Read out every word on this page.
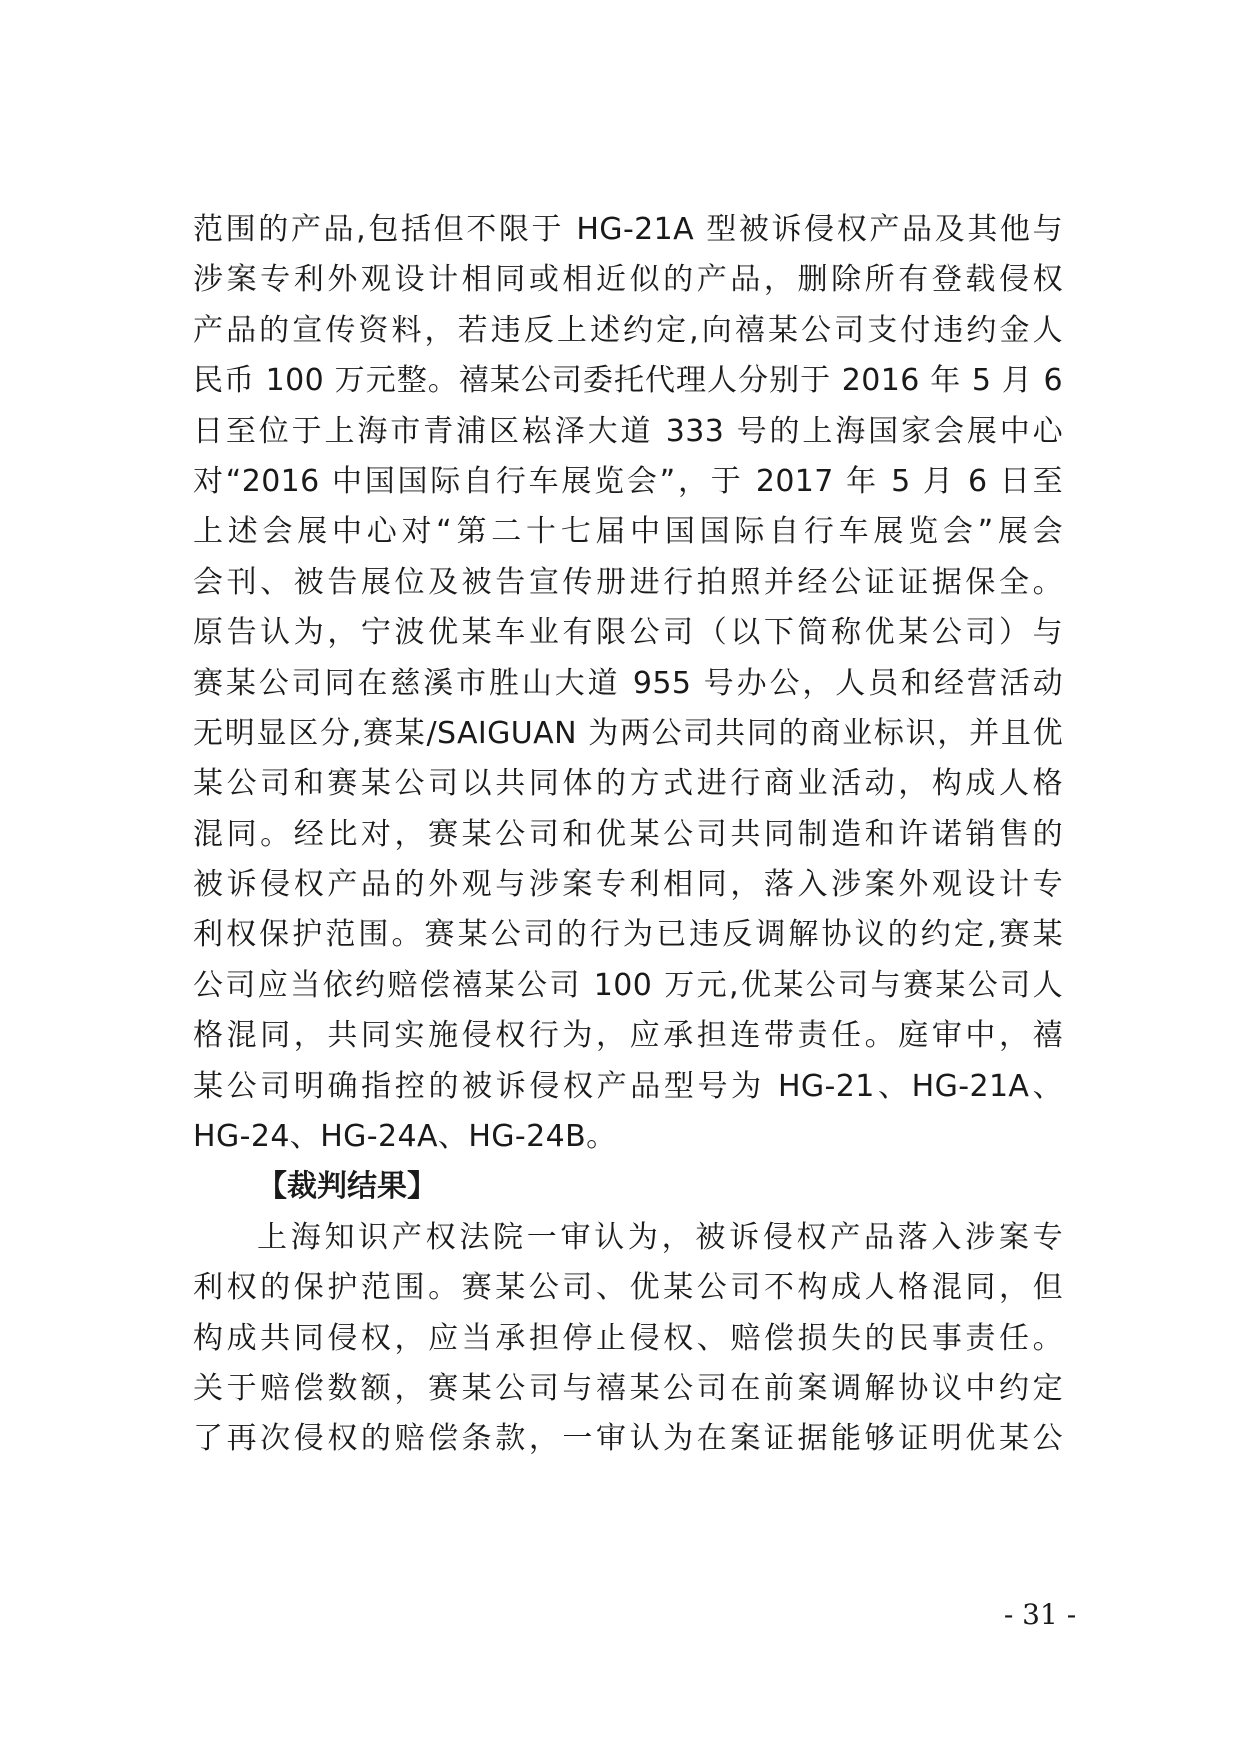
范围的产品,包括但不限于 HG-21A 型被诉侵权产品及其他与
涉案专利外观设计相同或相近似的产品，删除所有登载侵权
产品的宣传资料，若违反上述约定,向禧某公司支付违约金人
民币 100 万元整。禧某公司委托代理人分别于 2016 年 5 月 6
日至位于上海市青浦区崧泽大道 333 号的上海国家会展中心
对“2016 中国国际自行车展览会”，于 2017 年 5 月 6 日至
上述会展中心对“第二十七届中国国际自行车展览会”展会
会刊、被告展位及被告宣传册进行拍照并经公证证据保全。
原告认为，宁波优某车业有限公司（以下简称优某公司）与
赛某公司同在慈溪市胜山大道 955 号办公，人员和经营活动
无明显区分,赛某/SAIGUAN 为两公司共同的商业标识，并且优
某公司和赛某公司以共同体的方式进行商业活动，构成人格
混同。经比对，赛某公司和优某公司共同制造和许诺销售的
被诉侵权产品的外观与涉案专利相同，落入涉案外观设计专
利权保护范围。赛某公司的行为已违反调解协议的约定,赛某
公司应当依约赔偿禧某公司 100 万元,优某公司与赛某公司人
格混同，共同实施侵权行为，应承担连带责任。庭审中，禧
某公司明确指控的被诉侵权产品型号为 HG-21、HG-21A、
HG-24、HG-24A、HG-24B。
【裁判结果】
上海知识产权法院一审认为，被诉侵权产品落入涉案专
利权的保护范围。赛某公司、优某公司不构成人格混同，但
构成共同侵权，应当承担停止侵权、赔偿损失的民事责任。
关于赔偿数额，赛某公司与禧某公司在前案调解协议中约定
了再次侵权的赔偿条款，一审认为在案证据能够证明优某公
- 31 -
